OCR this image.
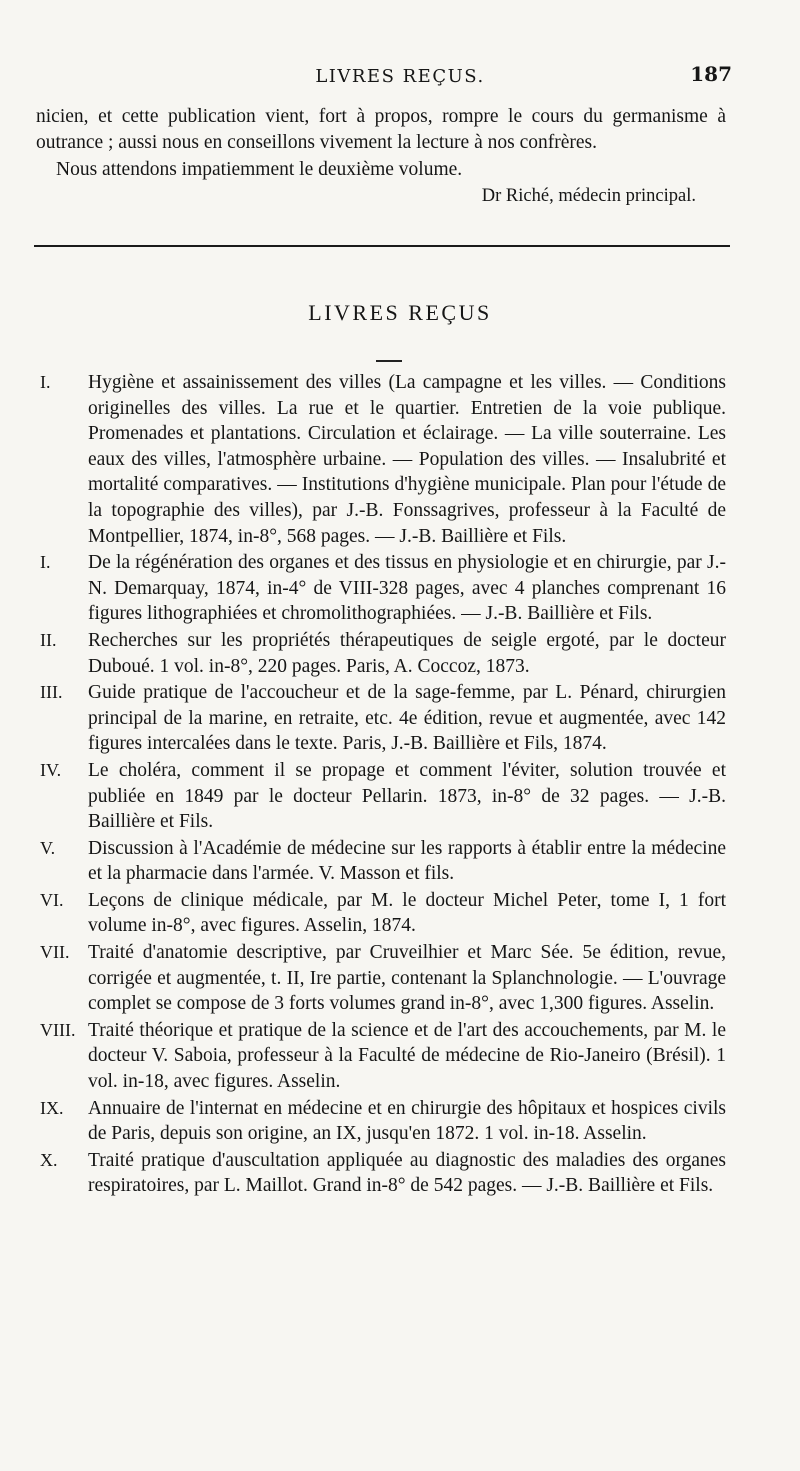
LIVRES REÇUS.	187

nicien, et cette publication vient, fort à propos, rompre le cours du germanisme à outrance ; aussi nous en conseillons vivement la lecture à nos confrères.

Nous attendons impatiemment le deuxième volume.

Dr Riché, médecin principal.

LIVRES REÇUS
I.	Hygiène et assainissement des villes (La campagne et les villes. — Conditions originelles des villes. La rue et le quartier. Entretien de la voie publique. Promenades et plantations. Circulation et éclairage. — La ville souterraine. Les eaux des villes, l'atmosphère urbaine. — Population des villes. — Insalubrité et mortalité comparatives. — Institutions d'hygiène municipale. Plan pour l'étude de la topographie des villes), par J.-B. Fonssagrives, professeur à la Faculté de Montpellier, 1874, in-8°, 568 pages. — J.-B. Baillière et Fils.
I.	De la régénération des organes et des tissus en physiologie et en chirurgie, par J.-N. Demarquay, 1874, in-4° de VIII-328 pages, avec 4 planches comprenant 16 figures lithographiées et chromolithographiées. — J.-B. Baillière et Fils.
II.	Recherches sur les propriétés thérapeutiques de seigle ergoté, par le docteur Duboué. 1 vol. in-8°, 220 pages. Paris, A. Coccoz, 1873.
III.	Guide pratique de l'accoucheur et de la sage-femme, par L. Pénard, chirurgien principal de la marine, en retraite, etc. 4e édition, revue et augmentée, avec 142 figures intercalées dans le texte. Paris, J.-B. Baillière et Fils, 1874.
IV.	Le choléra, comment il se propage et comment l'éviter, solution trouvée et publiée en 1849 par le docteur Pellarin. 1873, in-8° de 32 pages. — J.-B. Baillière et Fils.
V.	Discussion à l'Académie de médecine sur les rapports à établir entre la médecine et la pharmacie dans l'armée. V. Masson et fils.
VI.	Leçons de clinique médicale, par M. le docteur Michel Peter, tome I, 1 fort volume in-8°, avec figures. Asselin, 1874.
VII. Traité d'anatomie descriptive, par Cruveilhier et Marc Sée. 5e édition, revue, corrigée et augmentée, t. II, Ire partie, contenant la Splanchnologie. — L'ouvrage complet se compose de 3 forts volumes grand in-8°, avec 1,300 figures. Asselin.
VIII. Traité théorique et pratique de la science et de l'art des accouchements, par M. le docteur V. Saboia, professeur à la Faculté de médecine de Rio-Janeiro (Brésil). 1 vol. in-18, avec figures. Asselin.
IX.	Annuaire de l'internat en médecine et en chirurgie des hôpitaux et hospices civils de Paris, depuis son origine, an IX, jusqu'en 1872. 1 vol. in-18. Asselin.
X.	Traité pratique d'auscultation appliquée au diagnostic des maladies des organes respiratoires, par L. Maillot. Grand in-8° de 542 pages. — J.-B. Baillière et Fils.
